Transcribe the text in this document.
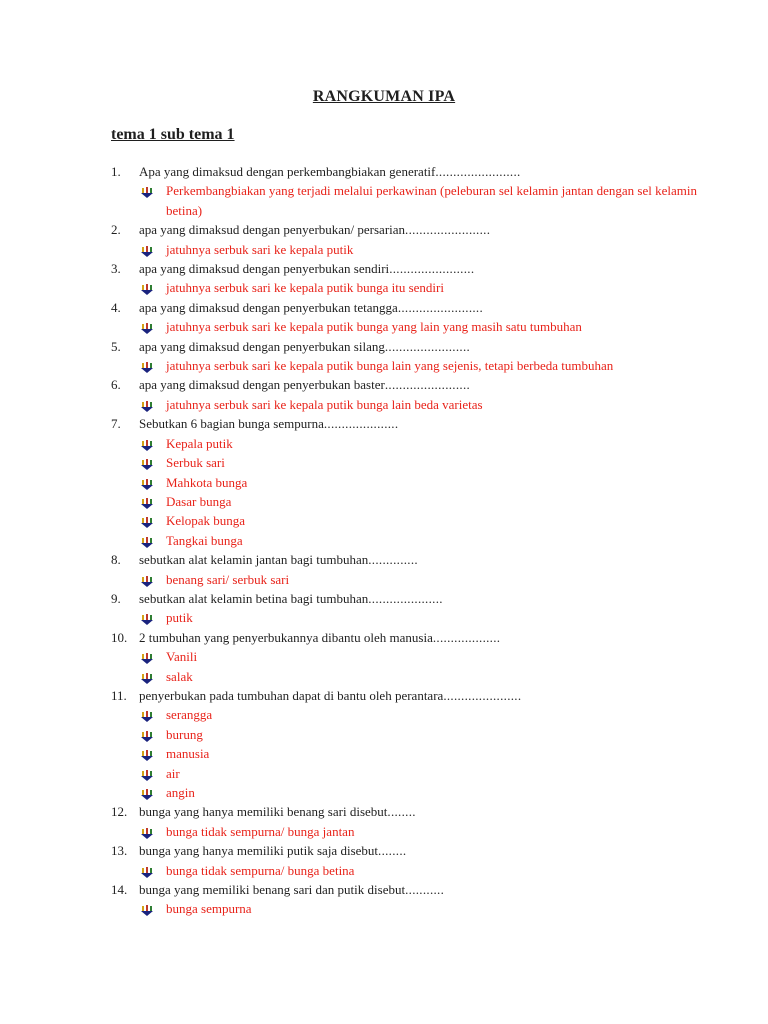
RANGKUMAN IPA
tema 1 sub tema 1
1. Apa yang dimaksud dengan perkembangbiakan generatif........................
Perkembangbiakan yang terjadi melalui perkawinan (peleburan sel kelamin jantan dengan sel kelamin betina)
2. apa yang dimaksud dengan penyerbukan/ persarian........................
jatuhnya serbuk sari ke kepala putik
3. apa yang dimaksud dengan penyerbukan sendiri........................
jatuhnya serbuk sari ke kepala putik bunga itu sendiri
4. apa yang dimaksud dengan penyerbukan tetangga........................
jatuhnya serbuk sari ke kepala putik bunga yang lain yang masih satu tumbuhan
5. apa yang dimaksud dengan penyerbukan silang........................
jatuhnya serbuk sari ke kepala putik bunga lain yang sejenis, tetapi berbeda tumbuhan
6. apa yang dimaksud dengan penyerbukan baster........................
jatuhnya serbuk sari ke kepala putik bunga lain beda varietas
7. Sebutkan 6 bagian bunga sempurna.....................
Kepala putik
Serbuk sari
Mahkota bunga
Dasar bunga
Kelopak bunga
Tangkai bunga
8. sebutkan alat kelamin jantan bagi tumbuhan..............
benang sari/ serbuk sari
9. sebutkan alat kelamin betina bagi tumbuhan.....................
putik
10. 2 tumbuhan yang penyerbukannya dibantu oleh manusia...................
Vanili
salak
11. penyerbukan pada tumbuhan dapat di bantu oleh perantara......................
serangga
burung
manusia
air
angin
12. bunga yang hanya memiliki benang sari disebut........
bunga tidak sempurna/ bunga jantan
13. bunga yang hanya memiliki putik saja disebut........
bunga tidak sempurna/ bunga betina
14. bunga yang memiliki benang sari dan putik disebut...........
bunga sempurna
